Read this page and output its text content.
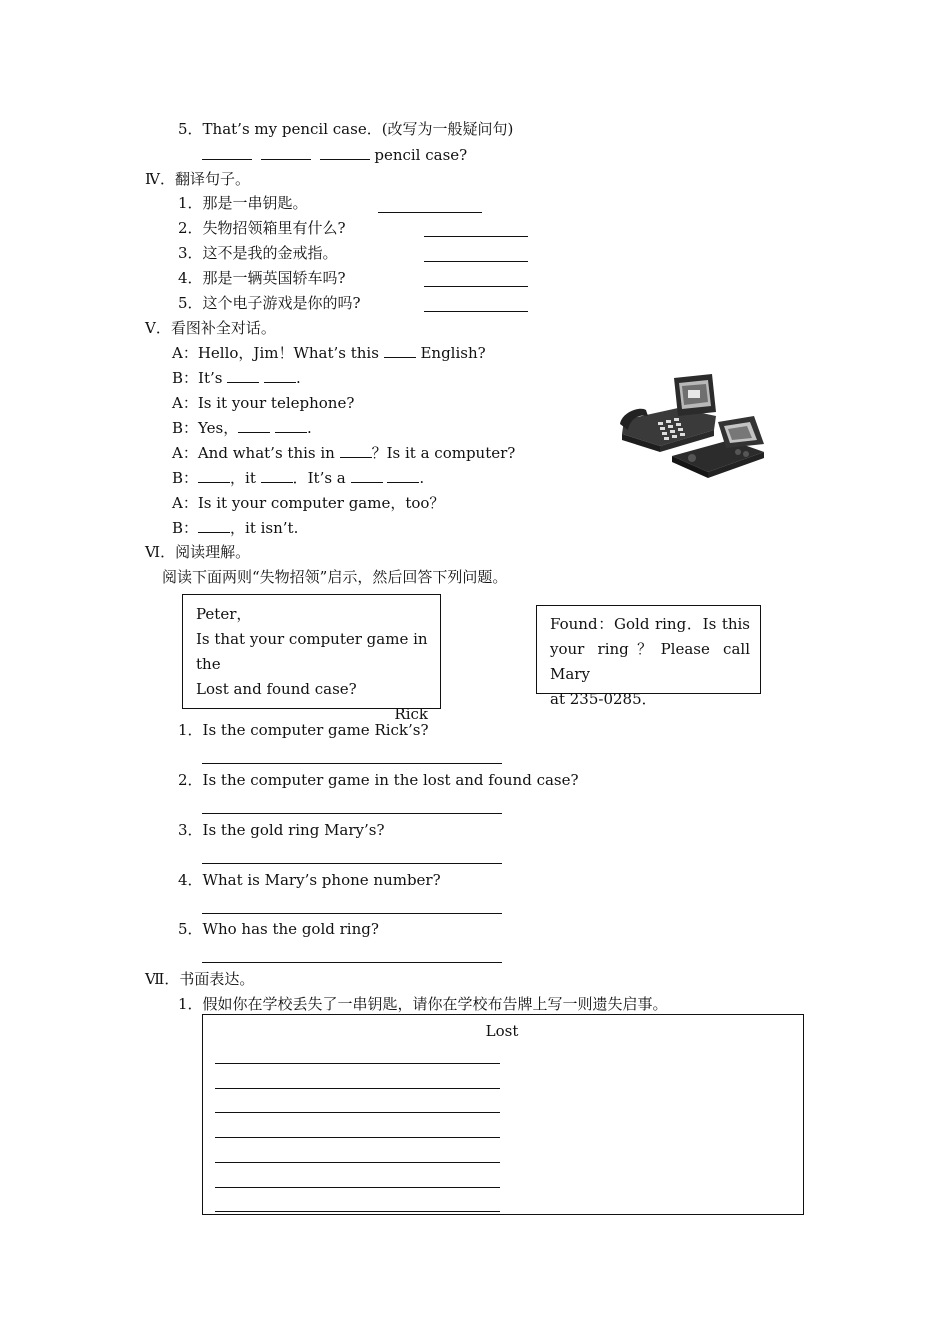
5．That’s my pencil case．(改写为一般疑问句)
pencil case?
Ⅳ．翻译句子。
1．那是一串钥匙。
2．失物招领箱里有什么?
3．这不是我的金戒指。
4．那是一辆英国轿车吗?
5．这个电子游戏是你的吗?
Ⅴ．看图补全对话。
A：Hello，Jim！What’s this  English?
B：It’s	.
A：Is it your telephone?
B：Yes，	.
A：And what’s this in ？Is it a computer?
B： ，it ．It’s a	.
A：Is it your computer game，too？
B： ，it isn’t.
Ⅵ．阅读理解。
阅读下面两则“失物招领”启示，然后回答下列问题。
Peter，
Is that your computer game in the
Lost and found case?
Rick
Found：Gold ring．Is this
your ring？Please call Mary
at 235-0285．
1．Is the computer game Rick’s?
2．Is the computer game in the lost and found case?
3．Is the gold ring Mary’s?
4．What is Mary’s phone number?
5．Who has the gold ring?
Ⅶ．书面表达。
1．假如你在学校丢失了一串钥匙，请你在学校布告牌上写一则遗失启事。
Lost
